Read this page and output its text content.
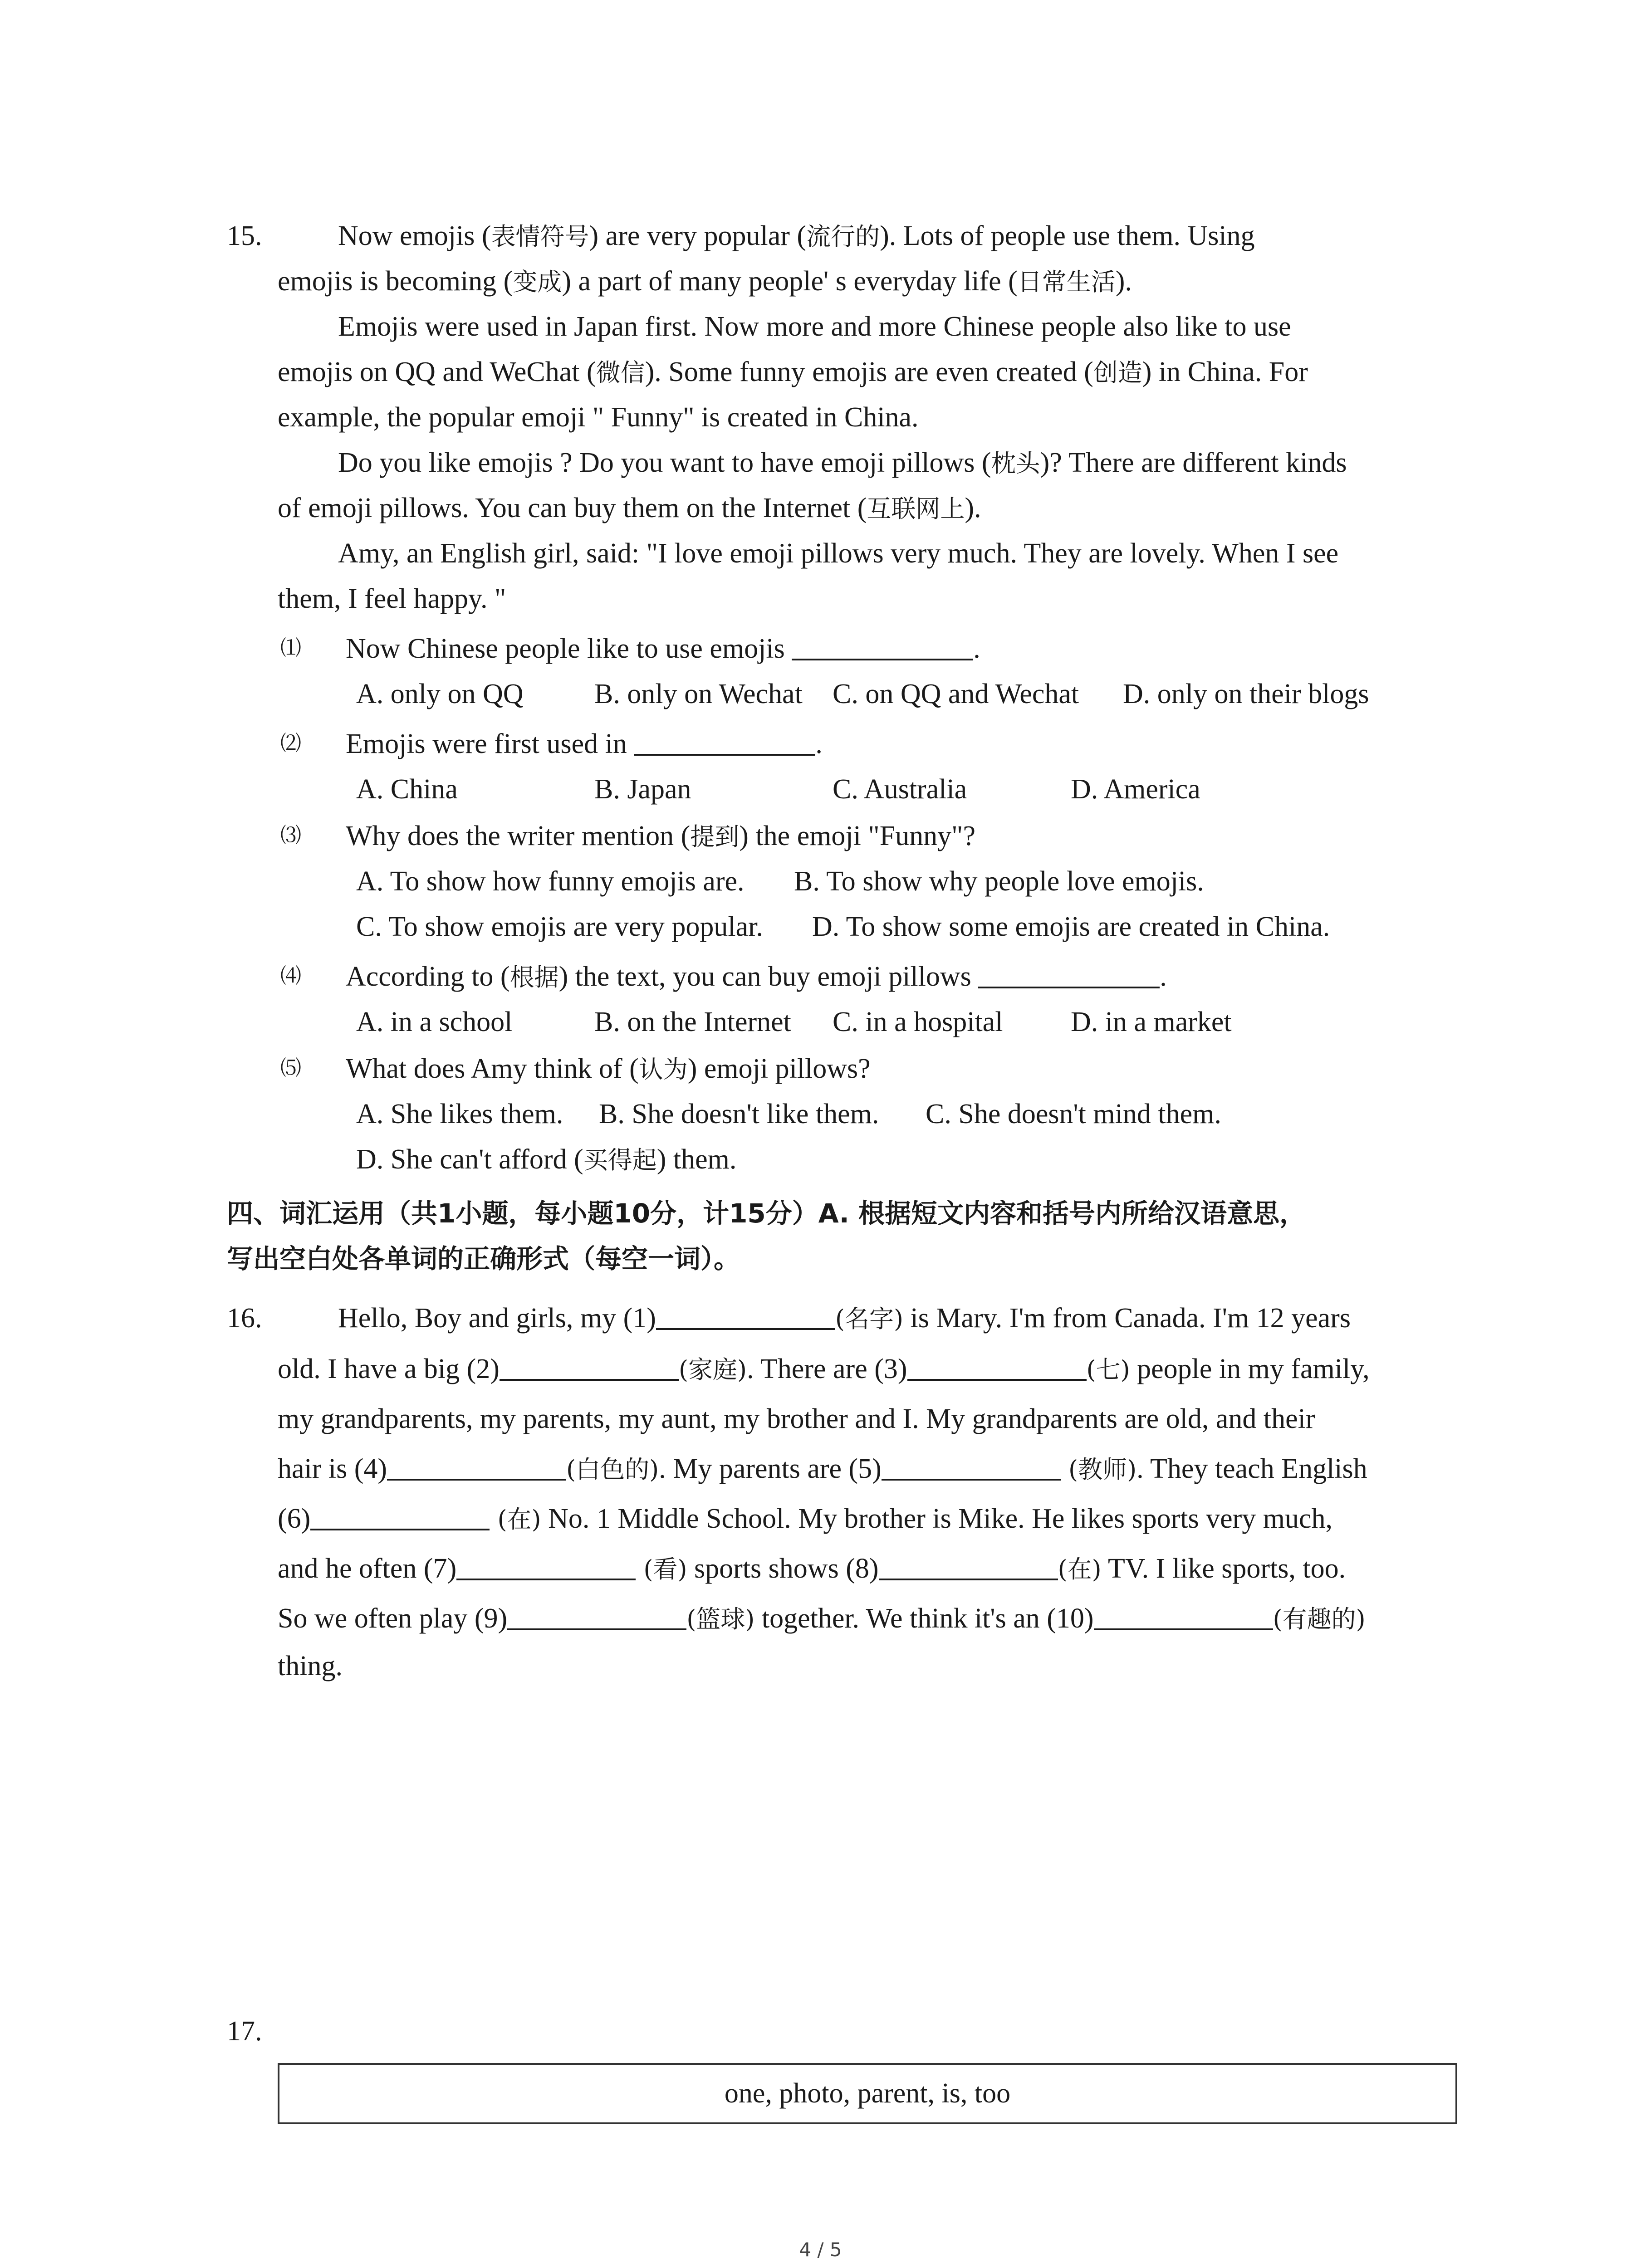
15.	Now emojis (表情符号) are very popular (流行的). Lots of people use them. Using
emojis is becoming (变成) a part of many people' s everyday life (日常生活).
Emojis were used in Japan first. Now more and more Chinese people also like to use
emojis on QQ and WeChat (微信). Some funny emojis are even created (创造) in China. For
example, the popular emoji " Funny" is created in China.
Do you like emojis ? Do you want to have emoji pillows (枕头)? There are different kinds
of emoji pillows. You can buy them on the Internet (互联网上).
Amy, an English girl, said: "I love emoji pillows very much. They are lovely. When I see
them, I feel happy. "
⑴ Now Chinese people like to use emojis	.
A. only on QQ	B. only on Wechat C. on QQ and Wechat D. only on their blogs
⑵ Emojis were first used in	.
A. China	B. Japan	C. Australia	D. America
⑶ Why does the writer mention (提到) the emoji "Funny"?
A. To show how funny emojis are. B. To show why people love emojis.
C. To show emojis are very popular. D. To show some emojis are created in China.
⑷ According to (根据) the text, you can buy emoji pillows	.
A. in a school	B. on the Internet C. in a hospital D. in a market
⑸ What does Amy think of (认为) emoji pillows?
A. She likes them. B. She doesn't like them. C. She doesn't mind them.
D. She can't afford (买得起) them.
四、词汇运用（共1小题，每小题10分，计15分）A. 根据短文内容和括号内所给汉语意思，
写出空白处各单词的正确形式（每空一词）。
16.	Hello, Boy and girls, my (1)	(名字) is Mary. I'm from Canada. I'm 12 years
old. I have a big (2)	(家庭). There are (3)	(七) people in my family,
my grandparents, my parents, my aunt, my brother and I. My grandparents are old, and their
hair is (4)	(白色的). My parents are (5)	(教师). They teach English
(6)	(在) No. 1 Middle School. My brother is Mike. He likes sports very much,
and he often (7)	(看) sports shows (8)	(在) TV. I like sports, too.
So we often play (9)	(篮球) together. We think it's an (10)	(有趣的)
thing.
17.
one, photo, parent, is, too
4 / 5
